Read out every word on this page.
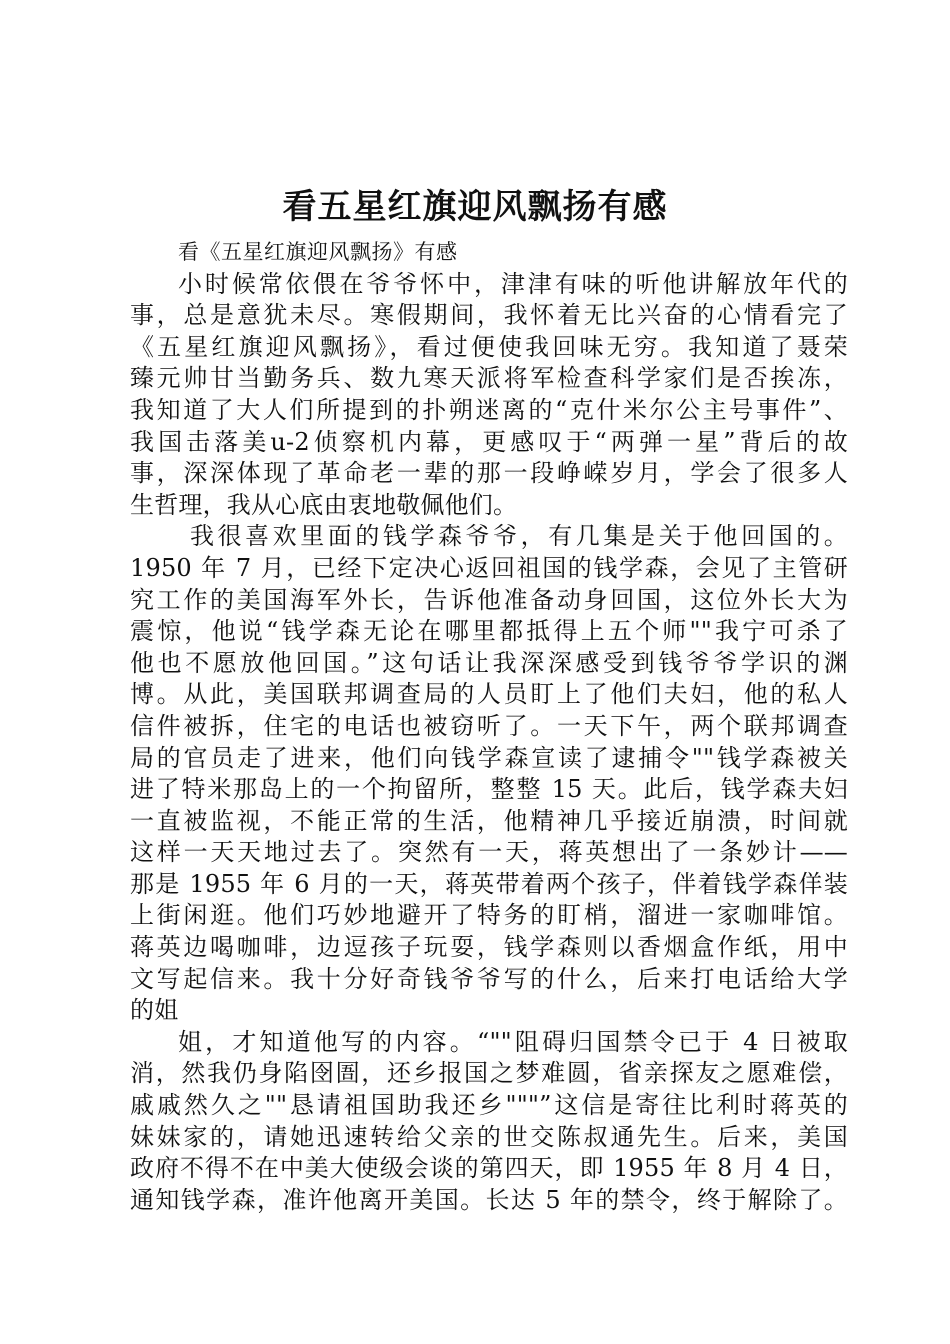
看五星红旗迎风飘扬有感
看《五星红旗迎风飘扬》有感
小时候常依偎在爷爷怀中，津津有味的听他讲解放年代的
事，总是意犹未尽。寒假期间，我怀着无比兴奋的心情看完了
《五星红旗迎风飘扬》，看过便使我回味无穷。我知道了聂荣
臻元帅甘当勤务兵、数九寒天派将军检查科学家们是否挨冻，
我知道了大人们所提到的扑朔迷离的“克什米尔公主号事件”、
我国击落美u-2侦察机内幕，更感叹于“两弹一星”背后的故
事，深深体现了革命老一辈的那一段峥嵘岁月，学会了很多人
生哲理，我从心底由衷地敬佩他们。
我很喜欢里面的钱学森爷爷，有几集是关于他回国的。
1950 年 7 月，已经下定决心返回祖国的钱学森，会见了主管研
究工作的美国海军外长，告诉他准备动身回国，这位外长大为
震惊，他说“钱学森无论在哪里都抵得上五个师""我宁可杀了
他也不愿放他回国。”这句话让我深深感受到钱爷爷学识的渊
博。从此，美国联邦调查局的人员盯上了他们夫妇，他的私人
信件被拆，住宅的电话也被窃听了。一天下午，两个联邦调查
局的官员走了进来，他们向钱学森宣读了逮捕令""钱学森被关
进了特米那岛上的一个拘留所，整整 15 天。此后，钱学森夫妇
一直被监视，不能正常的生活，他精神几乎接近崩溃，时间就
这样一天天地过去了。突然有一天，蒋英想出了一条妙计——
那是 1955 年 6 月的一天，蒋英带着两个孩子，伴着钱学森佯装
上街闲逛。他们巧妙地避开了特务的盯梢，溜进一家咖啡馆。
蒋英边喝咖啡，边逗孩子玩耍，钱学森则以香烟盒作纸，用中
文写起信来。我十分好奇钱爷爷写的什么，后来打电话给大学
的姐
姐，才知道他写的内容。“""阻碍归国禁令已于 4 日被取
消，然我仍身陷囹圄，还乡报国之梦难圆，省亲探友之愿难偿，
戚戚然久之""恳请祖国助我还乡"""”这信是寄往比利时蒋英的
妹妹家的，请她迅速转给父亲的世交陈叔通先生。后来，美国
政府不得不在中美大使级会谈的第四天，即 1955 年 8 月 4 日，
通知钱学森，准许他离开美国。长达 5 年的禁令，终于解除了。
